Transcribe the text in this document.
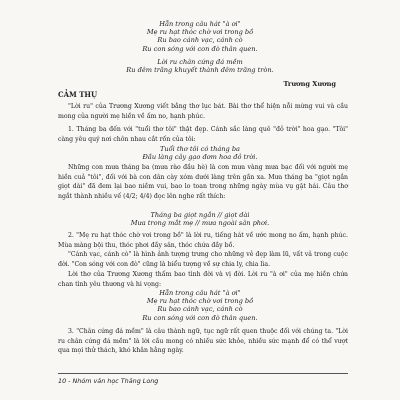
Hẵn trong câu hát "à ơi"
Mẹ ru hạt thóc chờ vơi trong bồ
Ru bao cánh vạc, cánh cò
Ru con sóng với con đò thân quen.
Lời ru chân cứng đá mềm
Ru đêm trăng khuyết thành đêm trăng tròn.
Trương Xương
CẢM THỤ
"Lời ru" của Trương Xương viết bằng thơ lục bát. Bài thơ thể hiện nỗi mừng vui và cầu mong của người mẹ hiền về ấm no, hạnh phúc.
1. Tháng ba đến với "tuổi thơ tôi" thật đẹp. Cánh sắc làng quê "đỏ trời" hoa gạo. "Tôi" càng yêu quý nơi chôn nhau cắt rốn của tôi:
Tuổi thơ tôi có tháng ba
Đầu làng cây gạo đơm hoa đỏ trời.
Những con mưa tháng ba (mưa rào đầu hè) là cơn mưa vàng mưa bạc đối với người mẹ hiền cuả "tôi", đối với bà con dân cày xóm dưới làng trên gần xa. Mưa tháng ba "giọt ngắn giọt dài" đã đem lại bao niềm vui, bao lo toan trong những ngày mùa vụ gặt hái. Câu thơ ngắt thành nhiều vế (4/2; 4/4) đọc lên nghe rất thích:
Tháng ba giọt ngắn // giọt dài
Mưa trong mắt mẹ // mưa ngoài sân phơi.
2. "Mẹ ru hạt thóc chờ vơi trong bồ" là lời ru, tiếng hát về ước mong no ấm, hạnh phúc. Mùa màng bội thu, thóc phơi đầy sân, thóc chứa đầy bồ.
"Cánh vạc, cánh cò" là hình ảnh tượng trưng cho những vẻ đẹp làm lũ, vất vả trong cuộc đời. "Con sóng với con đò" cũng là biểu tượng về sự chia ly, chia lìa.
Lời thơ của Trương Xương thấm bao tình đời và vị đời. Lời ru "à ơi" của mẹ hiền chứa chan tình yêu thương và hi vọng:
Hẵn trong câu hát "à ơi"
Mẹ ru hạt thóc chờ vơi trong bồ
Ru bao cánh vạc, cánh cò
Ru con sóng với con đò thân quen.
3. "Chân cứng đá mềm" là câu thành ngữ, tục ngữ rất quen thuộc đối với chúng ta. "Lời ru chân cứng đá mềm" là lời cầu mong có nhiều sức khỏe, nhiều sức mạnh để có thể vượt qua mọi thử thách, khó khăn hằng ngày.
10 - Nhóm văn học Thăng Long
